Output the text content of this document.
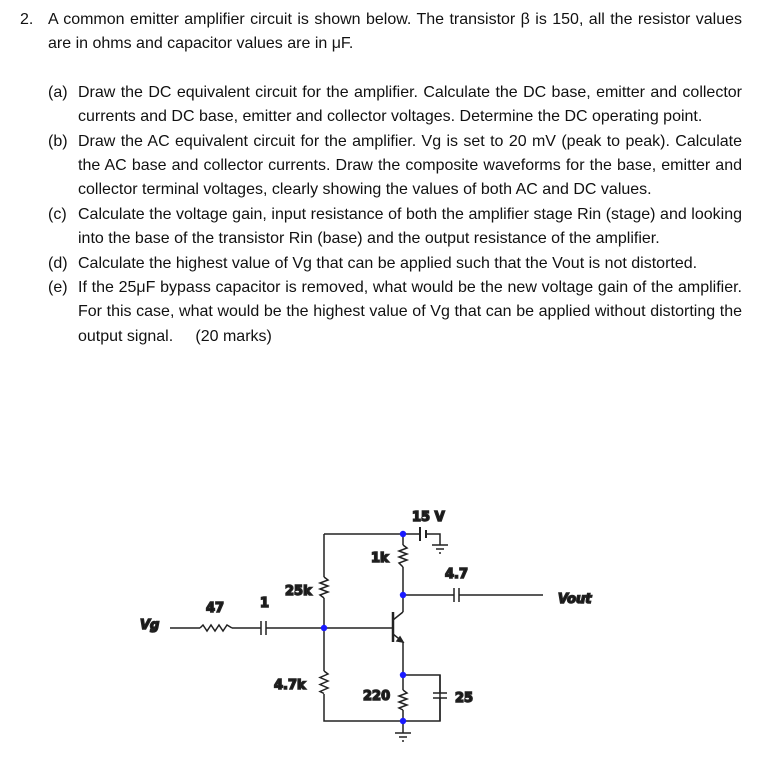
2. A common emitter amplifier circuit is shown below. The transistor β is 150, all the resistor values are in ohms and capacitor values are in μF.
(a) Draw the DC equivalent circuit for the amplifier. Calculate the DC base, emitter and collector currents and DC base, emitter and collector voltages. Determine the DC operating point.
(b) Draw the AC equivalent circuit for the amplifier. Vg is set to 20 mV (peak to peak). Calculate the AC base and collector currents. Draw the composite waveforms for the base, emitter and collector terminal voltages, clearly showing the values of both AC and DC values.
(c) Calculate the voltage gain, input resistance of both the amplifier stage Rin (stage) and looking into the base of the transistor Rin (base) and the output resistance of the amplifier.
(d) Calculate the highest value of Vg that can be applied such that the Vout is not distorted.
(e) If the 25μF bypass capacitor is removed, what would be the new voltage gain of the amplifier.  For this case, what would be the highest value of Vg that can be applied without distorting the output signal.     (20 marks)
15 V
1k
4.7
25k
47	1
4.7k
220	25
Vg
Vout
